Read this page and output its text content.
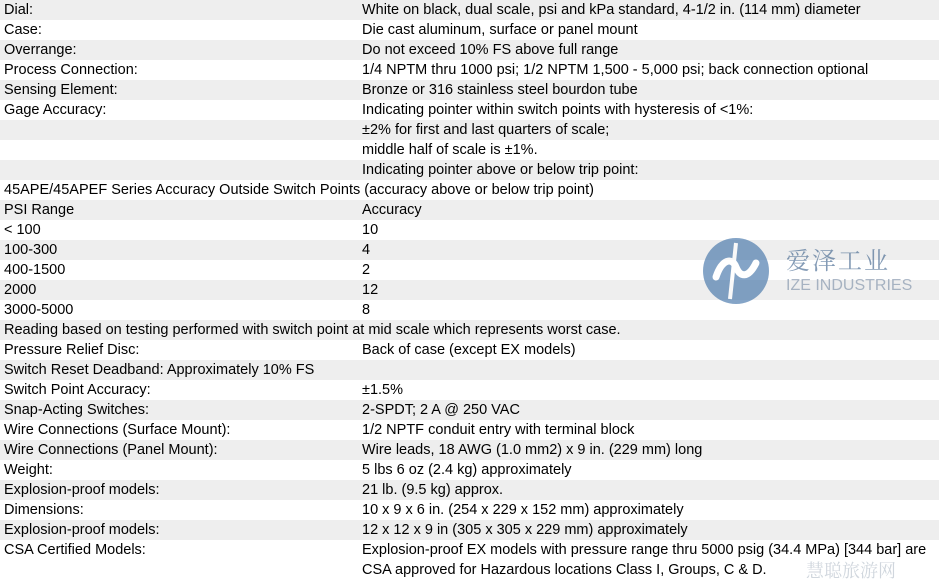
Dial:	White on black, dual scale, psi and kPa standard, 4-1/2 in. (114 mm) diameter
Case:	Die cast aluminum, surface or panel mount
Overrange:	Do not exceed 10% FS above full range
Process Connection:	1/4 NPTM thru 1000 psi; 1/2 NPTM 1,500 - 5,000 psi; back connection optional
Sensing Element:	Bronze or 316 stainless steel bourdon tube
Gage Accuracy:	Indicating pointer within switch points with hysteresis of <1%:
	±2% for first and last quarters of scale;
	middle half of scale is ±1%.
	Indicating pointer above or below trip point:
45APE/45APEF Series Accuracy Outside Switch Points (accuracy above or below trip point)	
PSI Range	Accuracy
< 100	10
100-300	4
400-1500	2
2000	12
3000-5000	8
Reading based on testing performed with switch point at mid scale which represents worst case.	
Pressure Relief Disc:	Back of case (except EX models)
Switch Reset Deadband: Approximately 10% FS	
Switch Point Accuracy:	±1.5%
Snap-Acting Switches:	2-SPDT; 2 A @ 250 VAC
Wire Connections (Surface Mount):	1/2 NPTF conduit entry with terminal block
Wire Connections (Panel Mount):	Wire leads, 18 AWG (1.0 mm2) x 9 in. (229 mm) long
Weight:	5 lbs 6 oz (2.4 kg) approximately
Explosion-proof models:	21 lb. (9.5 kg) approx.
Dimensions:	10 x 9 x 6 in. (254 x 229 x 152 mm) approximately
Explosion-proof models:	12 x 12 x 9 in (305 x 305 x 229 mm) approximately
CSA Certified Models:	Explosion-proof EX models with pressure range thru 5000 psig (34.4 MPa) [344 bar] are CSA approved for Hazardous locations Class I, Groups, C & D.
爱泽工业
IZE INDUSTRIES
慧聪旅游网
